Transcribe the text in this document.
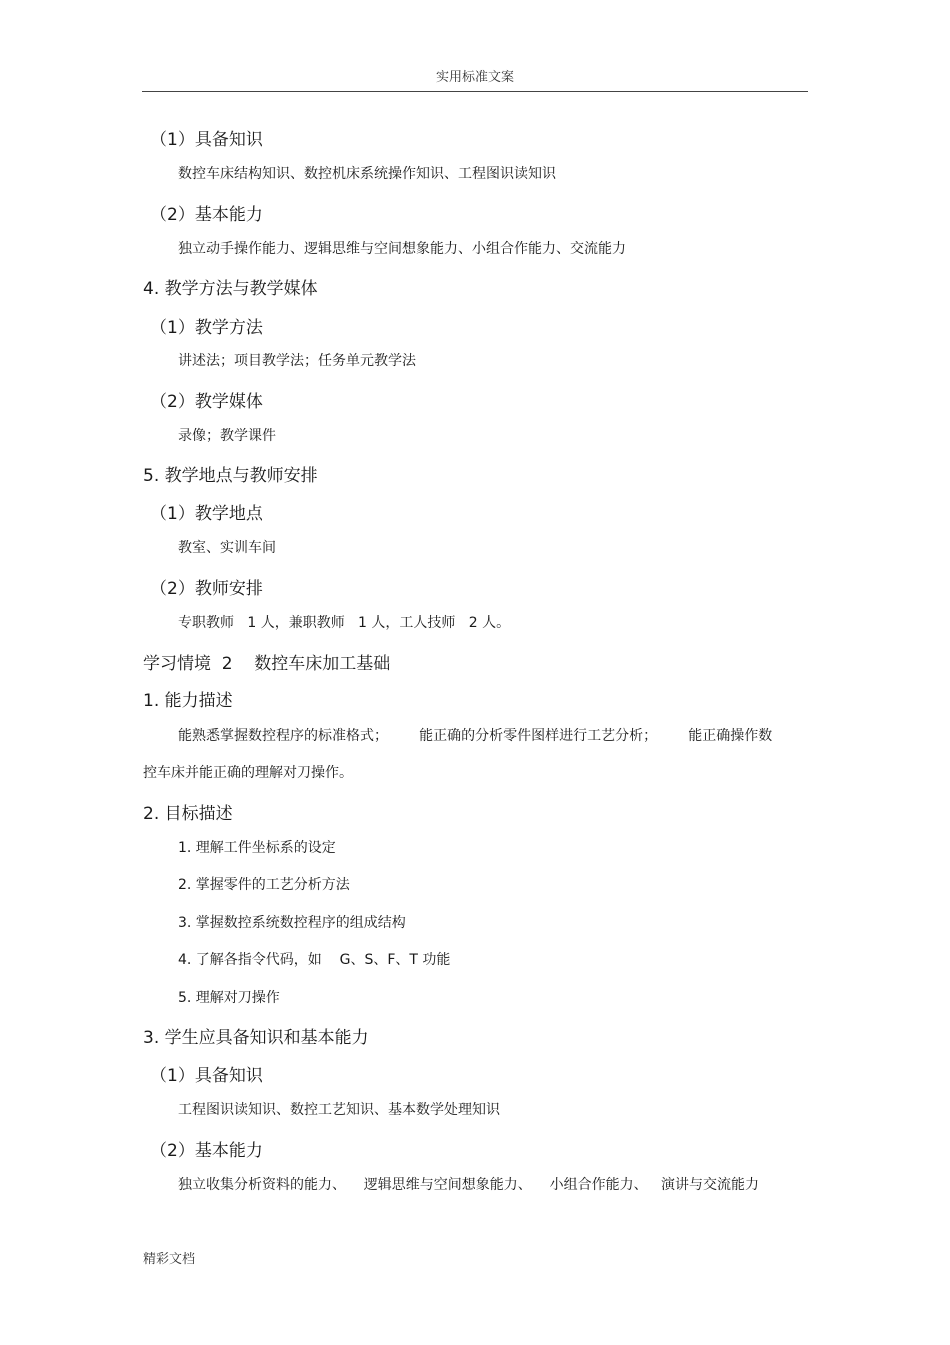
实用标准文案
（1）具备知识
数控车床结构知识、数控机床系统操作知识、工程图识读知识
（2）基本能力
独立动手操作能力、逻辑思维与空间想象能力、小组合作能力、交流能力
4. 教学方法与教学媒体
（1）教学方法
讲述法；项目教学法；任务单元教学法
（2）教学媒体
录像；教学课件
5. 教学地点与教师安排
（1）教学地点
教室、实训车间
（2）教师安排
专职教师   1 人，兼职教师   1 人，工人技师   2 人。
学习情境  2    数控车床加工基础
1. 能力描述
能熟悉掌握数控程序的标准格式；       能正确的分析零件图样进行工艺分析；       能正确操作数
控车床并能正确的理解对刀操作。
2. 目标描述
1. 理解工件坐标系的设定
2. 掌握零件的工艺分析方法
3. 掌握数控系统数控程序的组成结构
4. 了解各指令代码，如    G、S、F、T 功能
5. 理解对刀操作
3. 学生应具备知识和基本能力
（1）具备知识
工程图识读知识、数控工艺知识、基本数学处理知识
（2）基本能力
独立收集分析资料的能力、    逻辑思维与空间想象能力、    小组合作能力、   演讲与交流能力
精彩文档
